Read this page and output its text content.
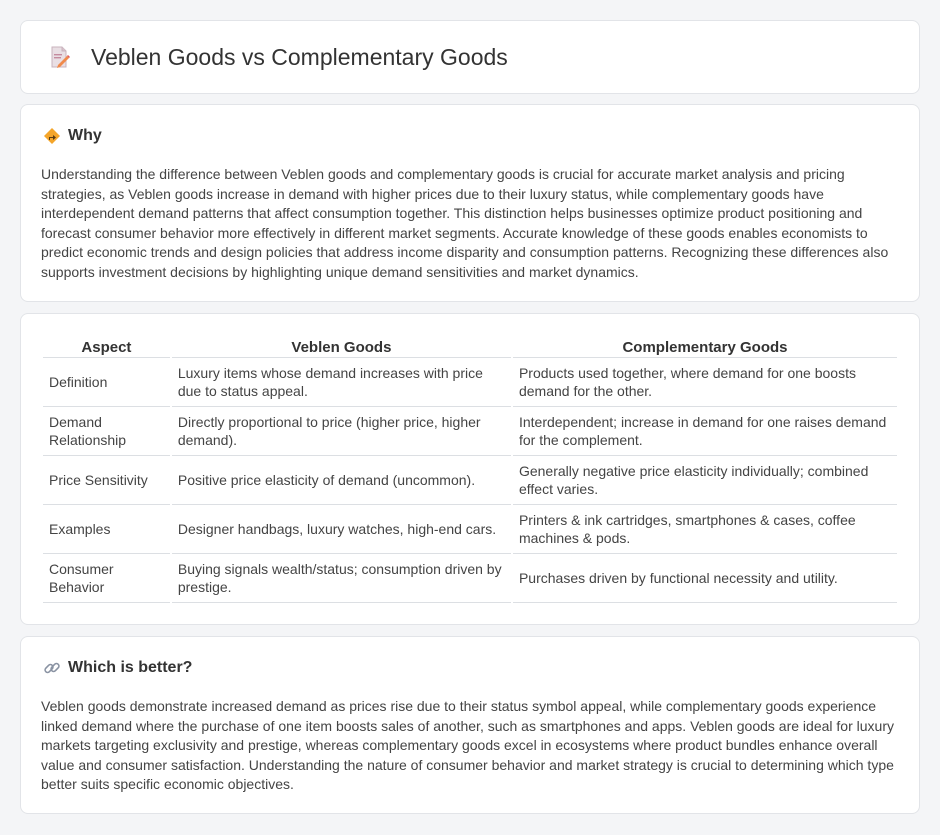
Veblen Goods vs Complementary Goods
Why

Understanding the difference between Veblen goods and complementary goods is crucial for accurate market analysis and pricing strategies, as Veblen goods increase in demand with higher prices due to their luxury status, while complementary goods have interdependent demand patterns that affect consumption together. This distinction helps businesses optimize product positioning and forecast consumer behavior more effectively in different market segments. Accurate knowledge of these goods enables economists to predict economic trends and design policies that address income disparity and consumption patterns. Recognizing these differences also supports investment decisions by highlighting unique demand sensitivities and market dynamics.

Aspect	Veblen Goods	Complementary Goods
Definition	Luxury items whose demand increases with price due to status appeal.	Products used together, where demand for one boosts demand for the other.
Demand Relationship	Directly proportional to price (higher price, higher demand).	Interdependent; increase in demand for one raises demand for the complement.
Price Sensitivity	Positive price elasticity of demand (uncommon).	Generally negative price elasticity individually; combined effect varies.
Examples	Designer handbags, luxury watches, high-end cars.	Printers & ink cartridges, smartphones & cases, coffee machines & pods.
Consumer Behavior	Buying signals wealth/status; consumption driven by prestige.	Purchases driven by functional necessity and utility.
Which is better?

Veblen goods demonstrate increased demand as prices rise due to their status symbol appeal, while complementary goods experience linked demand where the purchase of one item boosts sales of another, such as smartphones and apps. Veblen goods are ideal for luxury markets targeting exclusivity and prestige, whereas complementary goods excel in ecosystems where product bundles enhance overall value and consumer satisfaction. Understanding the nature of consumer behavior and market strategy is crucial to determining which type better suits specific economic objectives.
